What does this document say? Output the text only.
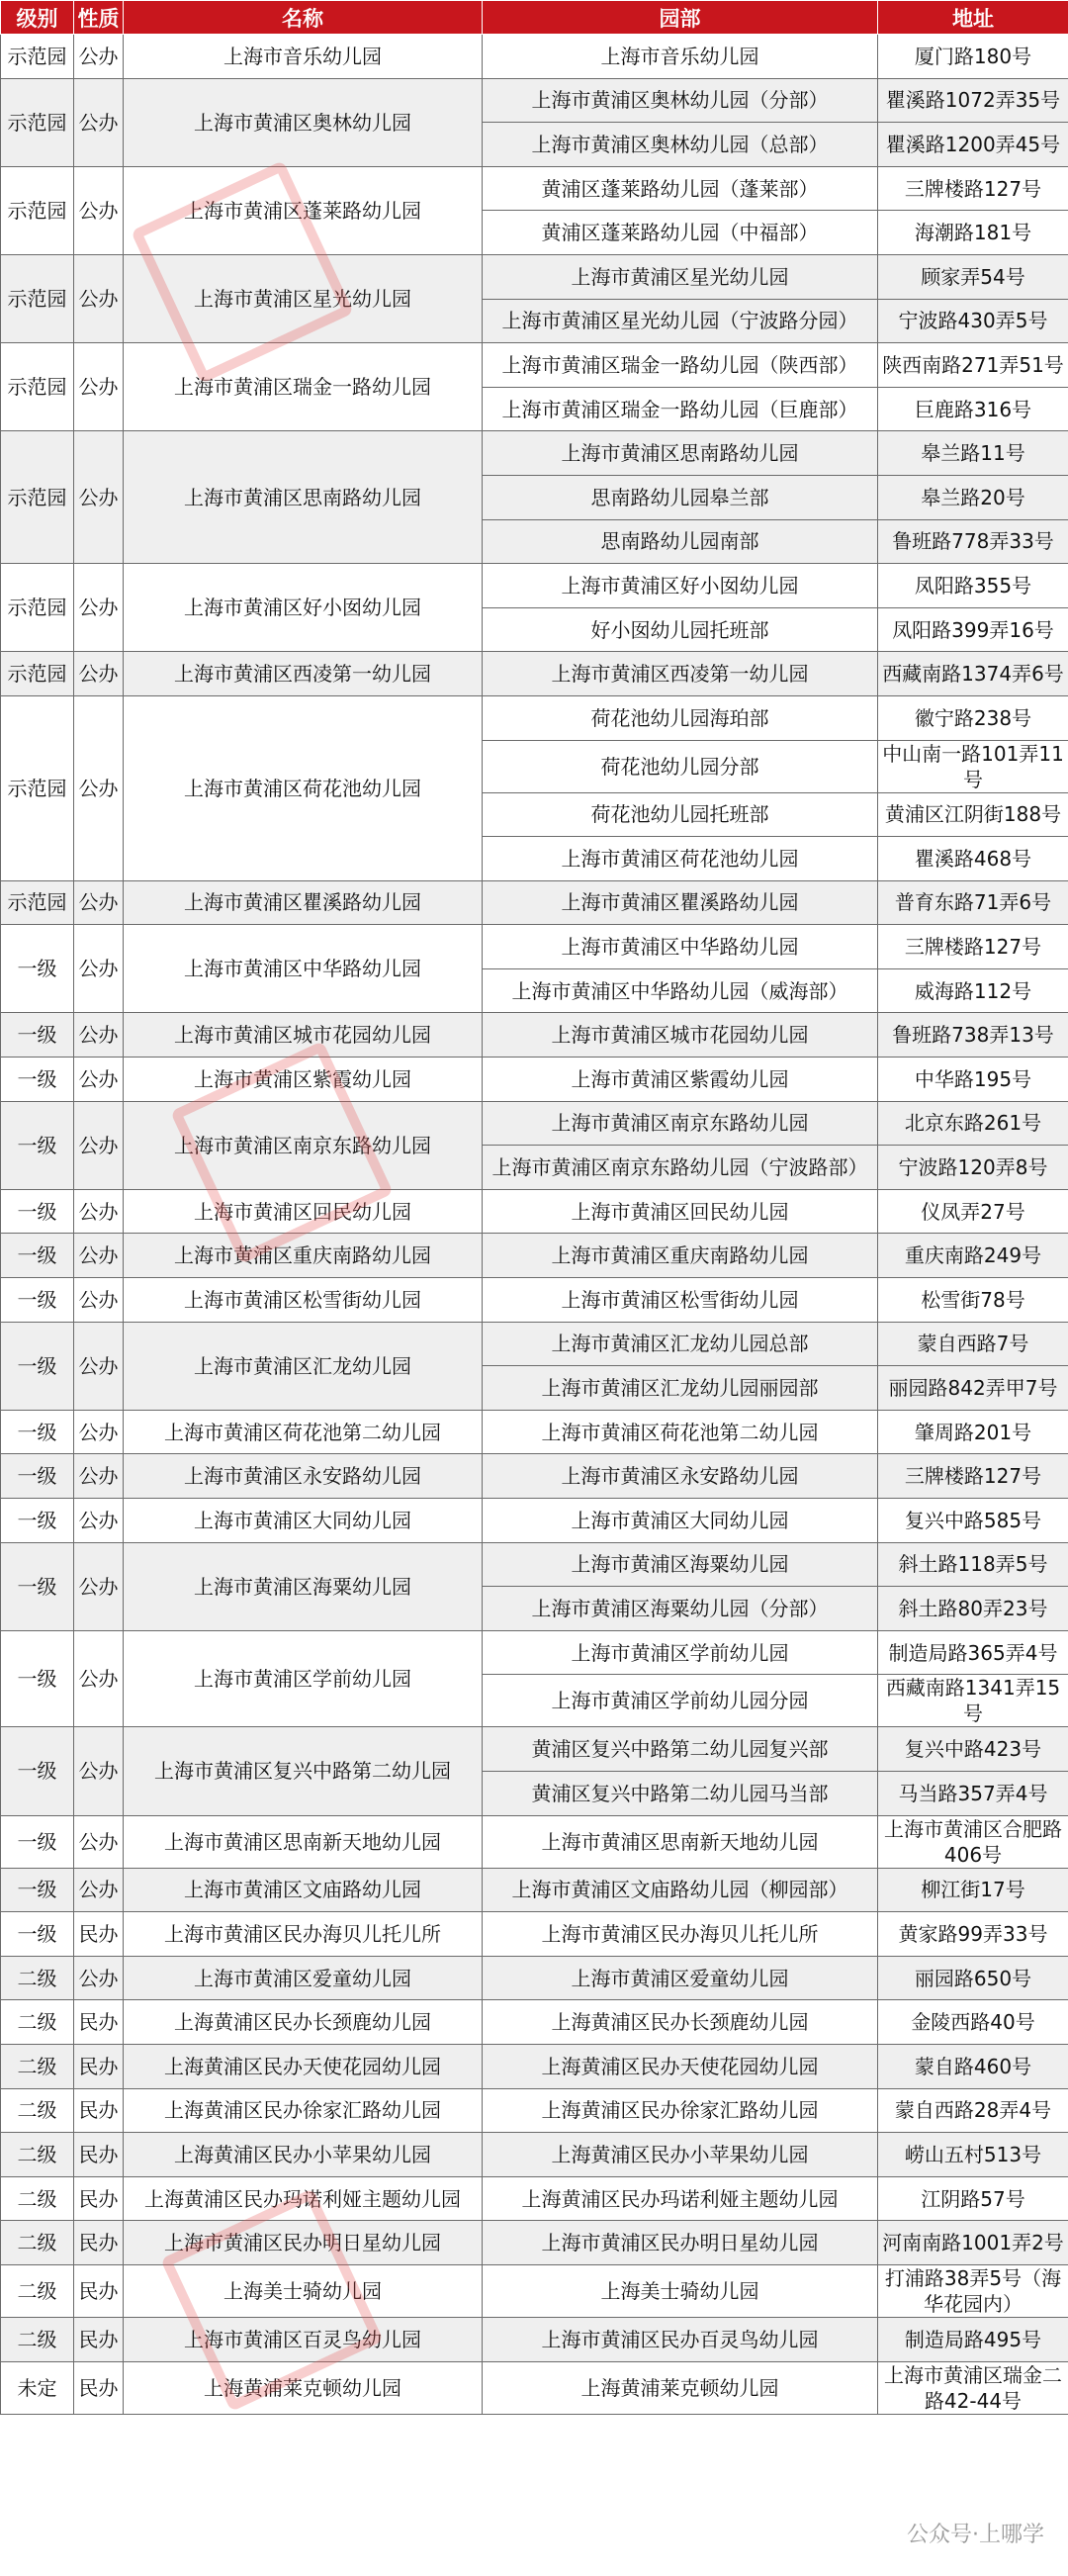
级别	性质	名称	园部	地址
示范园	公办	上海市音乐幼儿园	上海市音乐幼儿园	厦门路180号
示范园	公办	上海市黄浦区奥林幼儿园	上海市黄浦区奥林幼儿园（分部）	瞿溪路1072弄35号
			上海市黄浦区奥林幼儿园（总部）	瞿溪路1200弄45号
示范园	公办	上海市黄浦区蓬莱路幼儿园	黄浦区蓬莱路幼儿园（蓬莱部）	三牌楼路127号
			黄浦区蓬莱路幼儿园（中福部）	海潮路181号
示范园	公办	上海市黄浦区星光幼儿园	上海市黄浦区星光幼儿园	顾家弄54号
			上海市黄浦区星光幼儿园（宁波路分园）	宁波路430弄5号
示范园	公办	上海市黄浦区瑞金一路幼儿园	上海市黄浦区瑞金一路幼儿园（陕西部）	陕西南路271弄51号
			上海市黄浦区瑞金一路幼儿园（巨鹿部）	巨鹿路316号
示范园	公办	上海市黄浦区思南路幼儿园	上海市黄浦区思南路幼儿园	皋兰路11号
			思南路幼儿园皋兰部	皋兰路20号
			思南路幼儿园南部	鲁班路778弄33号
示范园	公办	上海市黄浦区好小囡幼儿园	上海市黄浦区好小囡幼儿园	凤阳路355号
			好小囡幼儿园托班部	凤阳路399弄16号
示范园	公办	上海市黄浦区西凌第一幼儿园	上海市黄浦区西凌第一幼儿园	西藏南路1374弄6号
示范园	公办	上海市黄浦区荷花池幼儿园	荷花池幼儿园海珀部	徽宁路238号
			荷花池幼儿园分部	中山南一路101弄11号
			荷花池幼儿园托班部	黄浦区江阴街188号
			上海市黄浦区荷花池幼儿园	瞿溪路468号
示范园	公办	上海市黄浦区瞿溪路幼儿园	上海市黄浦区瞿溪路幼儿园	普育东路71弄6号
一级	公办	上海市黄浦区中华路幼儿园	上海市黄浦区中华路幼儿园	三牌楼路127号
			上海市黄浦区中华路幼儿园（威海部）	威海路112号
一级	公办	上海市黄浦区城市花园幼儿园	上海市黄浦区城市花园幼儿园	鲁班路738弄13号
一级	公办	上海市黄浦区紫霞幼儿园	上海市黄浦区紫霞幼儿园	中华路195号
一级	公办	上海市黄浦区南京东路幼儿园	上海市黄浦区南京东路幼儿园	北京东路261号
			上海市黄浦区南京东路幼儿园（宁波路部）	宁波路120弄8号
一级	公办	上海市黄浦区回民幼儿园	上海市黄浦区回民幼儿园	仪凤弄27号
一级	公办	上海市黄浦区重庆南路幼儿园	上海市黄浦区重庆南路幼儿园	重庆南路249号
一级	公办	上海市黄浦区松雪街幼儿园	上海市黄浦区松雪街幼儿园	松雪街78号
一级	公办	上海市黄浦区汇龙幼儿园	上海市黄浦区汇龙幼儿园总部	蒙自西路7号
			上海市黄浦区汇龙幼儿园丽园部	丽园路842弄甲7号
一级	公办	上海市黄浦区荷花池第二幼儿园	上海市黄浦区荷花池第二幼儿园	肇周路201号
一级	公办	上海市黄浦区永安路幼儿园	上海市黄浦区永安路幼儿园	三牌楼路127号
一级	公办	上海市黄浦区大同幼儿园	上海市黄浦区大同幼儿园	复兴中路585号
一级	公办	上海市黄浦区海粟幼儿园	上海市黄浦区海粟幼儿园	斜土路118弄5号
			上海市黄浦区海粟幼儿园（分部）	斜土路80弄23号
一级	公办	上海市黄浦区学前幼儿园	上海市黄浦区学前幼儿园	制造局路365弄4号
			上海市黄浦区学前幼儿园分园	西藏南路1341弄15号
一级	公办	上海市黄浦区复兴中路第二幼儿园	黄浦区复兴中路第二幼儿园复兴部	复兴中路423号
			黄浦区复兴中路第二幼儿园马当部	马当路357弄4号
一级	公办	上海市黄浦区思南新天地幼儿园	上海市黄浦区思南新天地幼儿园	上海市黄浦区合肥路406号
一级	公办	上海市黄浦区文庙路幼儿园	上海市黄浦区文庙路幼儿园（柳园部）	柳江街17号
一级	民办	上海市黄浦区民办海贝儿托儿所	上海市黄浦区民办海贝儿托儿所	黄家路99弄33号
二级	公办	上海市黄浦区爱童幼儿园	上海市黄浦区爱童幼儿园	丽园路650号
二级	民办	上海黄浦区民办长颈鹿幼儿园	上海黄浦区民办长颈鹿幼儿园	金陵西路40号
二级	民办	上海黄浦区民办天使花园幼儿园	上海黄浦区民办天使花园幼儿园	蒙自路460号
二级	民办	上海黄浦区民办徐家汇路幼儿园	上海黄浦区民办徐家汇路幼儿园	蒙自西路28弄4号
二级	民办	上海黄浦区民办小苹果幼儿园	上海黄浦区民办小苹果幼儿园	崂山五村513号
二级	民办	上海黄浦区民办玛诺利娅主题幼儿园	上海黄浦区民办玛诺利娅主题幼儿园	江阴路57号
二级	民办	上海市黄浦区民办明日星幼儿园	上海市黄浦区民办明日星幼儿园	河南南路1001弄2号
二级	民办	上海美士骑幼儿园	上海美士骑幼儿园	打浦路38弄5号（海华花园内）
二级	民办	上海市黄浦区百灵鸟幼儿园	上海市黄浦区民办百灵鸟幼儿园	制造局路495号
未定	民办	上海黄浦莱克顿幼儿园	上海黄浦莱克顿幼儿园	上海市黄浦区瑞金二路42-44号
公众号·上哪学
